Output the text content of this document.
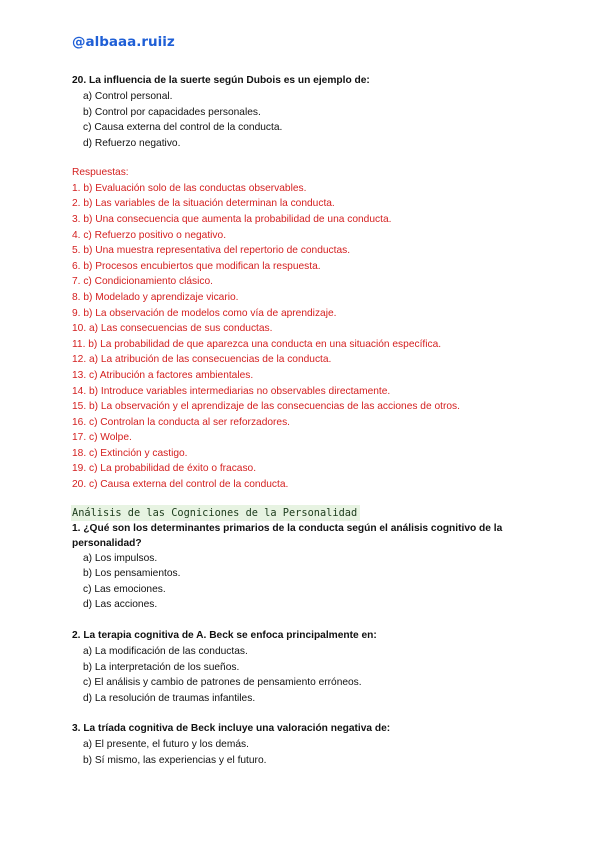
@albaaa.ruiiz

20. La influencia de la suerte según Dubois es un ejemplo de:

a) Control personal.

b) Control por capacidades personales.

c) Causa externa del control de la conducta.

d) Refuerzo negativo.

Respuestas:

1. b) Evaluación solo de las conductas observables.

2. b) Las variables de la situación determinan la conducta.

3. b) Una consecuencia que aumenta la probabilidad de una conducta.

4. c) Refuerzo positivo o negativo.

5. b) Una muestra representativa del repertorio de conductas.

6. b) Procesos encubiertos que modifican la respuesta.

7. c) Condicionamiento clásico.

8. b) Modelado y aprendizaje vicario.

9. b) La observación de modelos como vía de aprendizaje.

10. a) Las consecuencias de sus conductas.

11. b) La probabilidad de que aparezca una conducta en una situación específica.

12. a) La atribución de las consecuencias de la conducta.

13. c) Atribución a factores ambientales.

14. b) Introduce variables intermediarias no observables directamente.

15. b) La observación y el aprendizaje de las consecuencias de las acciones de otros.

16. c) Controlan la conducta al ser reforzadores.

17. c) Wolpe.

18. c) Extinción y castigo.

19. c) La probabilidad de éxito o fracaso.

20. c) Causa externa del control de la conducta.

Análisis de las Cogniciones de la Personalidad

1. ¿Qué son los determinantes primarios de la conducta según el análisis cognitivo de la personalidad?

a) Los impulsos.

b) Los pensamientos.

c) Las emociones.

d) Las acciones.

2. La terapia cognitiva de A. Beck se enfoca principalmente en:

a) La modificación de las conductas.

b) La interpretación de los sueños.

c) El análisis y cambio de patrones de pensamiento erróneos.

d) La resolución de traumas infantiles.

3. La tríada cognitiva de Beck incluye una valoración negativa de:

a) El presente, el futuro y los demás.

b) Sí mismo, las experiencias y el futuro.
